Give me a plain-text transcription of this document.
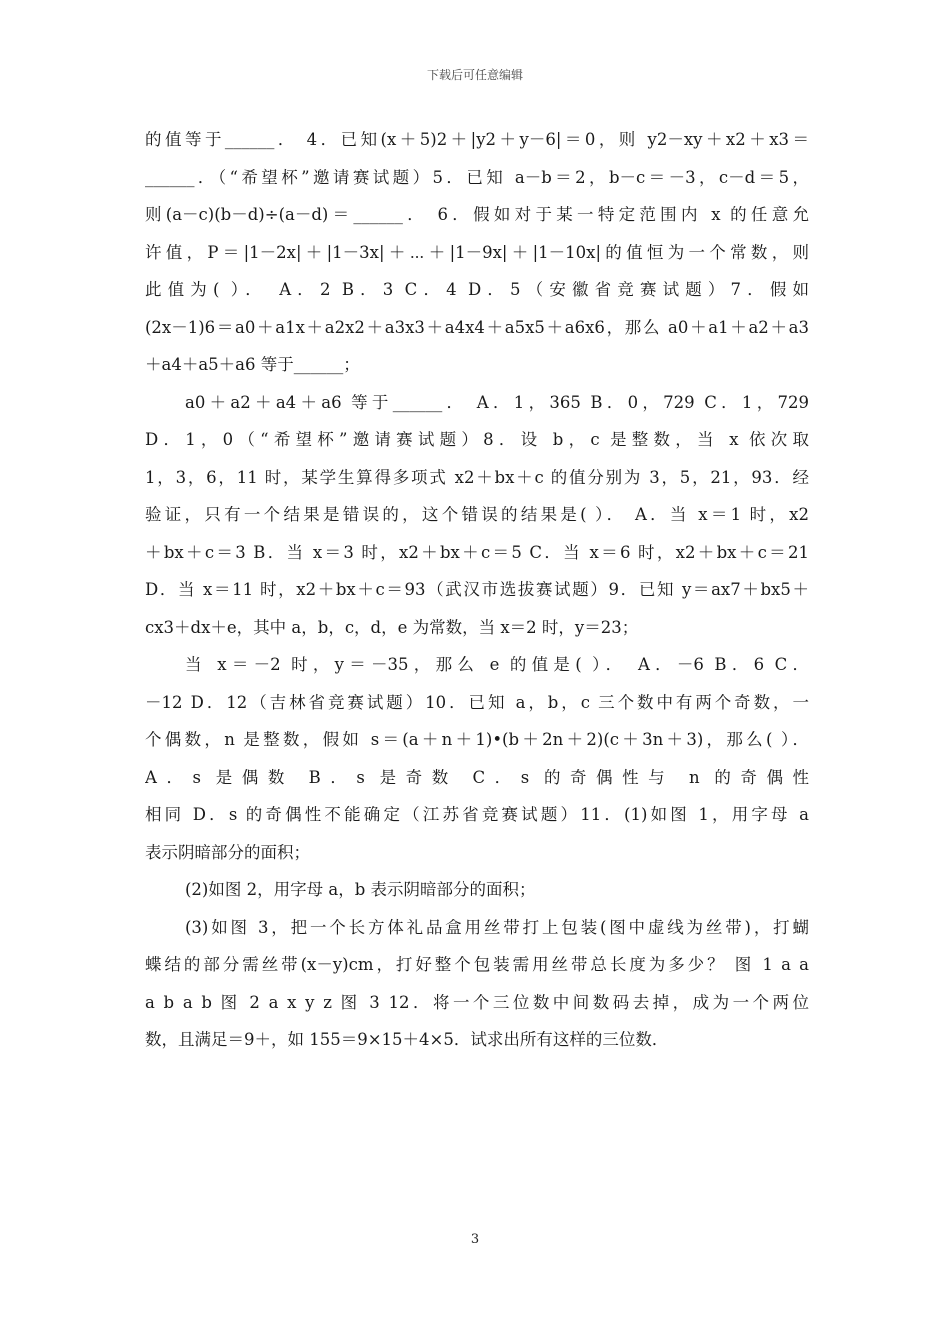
下载后可任意编辑
的值等于______． 4．已知(x＋5)2＋|y2＋y－6|＝0，则 y2－xy＋x2＋x3＝
______．（“希望杯”邀请赛试题）5．已知 a－b＝2，b－c＝－3，c－d＝5，
则(a－c)(b－d)÷(a－d)＝______． 6．假如对于某一特定范围内 x 的任意允
许值，P＝|1－2x|＋|1－3x|＋⋯＋|1－9x|＋|1－10x|的值恒为一个常数，则
此值为( ）． A．2 B．3 C．4 D．5（安徽省竞赛试题）7．假如
(2x－1)6＝a0＋a1x＋a2x2＋a3x3＋a4x4＋a5x5＋a6x6，那么 a0＋a1＋a2＋a3
＋a4＋a5＋a6 等于______；
a0＋a2＋a4＋a6 等于______． A．1，365 B．0，729 C．1，729
D．1，0（“希望杯”邀请赛试题）8．设 b，c 是整数，当 x 依次取
1，3，6，11 时，某学生算得多项式 x2＋bx＋c 的值分别为 3，5，21，93．经
验证，只有一个结果是错误的，这个错误的结果是( ）． A．当 x＝1 时，x2
＋bx＋c＝3 B．当 x＝3 时，x2＋bx＋c＝5 C．当 x＝6 时，x2＋bx＋c＝21
D．当 x＝11 时，x2＋bx＋c＝93（武汉市选拔赛试题）9．已知 y＝ax7＋bx5＋
cx3＋dx＋e，其中 a，b，c，d，e 为常数，当 x＝2 时，y＝23；
当 x＝－2 时，y＝－35，那么 e 的值是( ）． A．－6 B．6 C．
－12 D．12（吉林省竞赛试题）10．已知 a，b，c 三个数中有两个奇数，一
个偶数，n 是整数，假如 s＝(a＋n＋1)•(b＋2n＋2)(c＋3n＋3)，那么( ）．
A．s 是偶数 B．s 是奇数 C．s 的奇偶性与 n 的奇偶性
相同 D．s 的奇偶性不能确定（江苏省竞赛试题）11．(1)如图 1，用字母 a
表示阴暗部分的面积；
(2)如图 2，用字母 a，b 表示阴暗部分的面积；
(3)如图 3，把一个长方体礼品盒用丝带打上包装(图中虚线为丝带)，打蝴
蝶结的部分需丝带(x－y)cm，打好整个包装需用丝带总长度为多少？ 图 1 a a
a b a b 图 2 a x y z 图 3 12．将一个三位数中间数码去掉，成为一个两位
数，且满足＝9＋，如 155＝9×15＋4×5．试求出所有这样的三位数．
3
